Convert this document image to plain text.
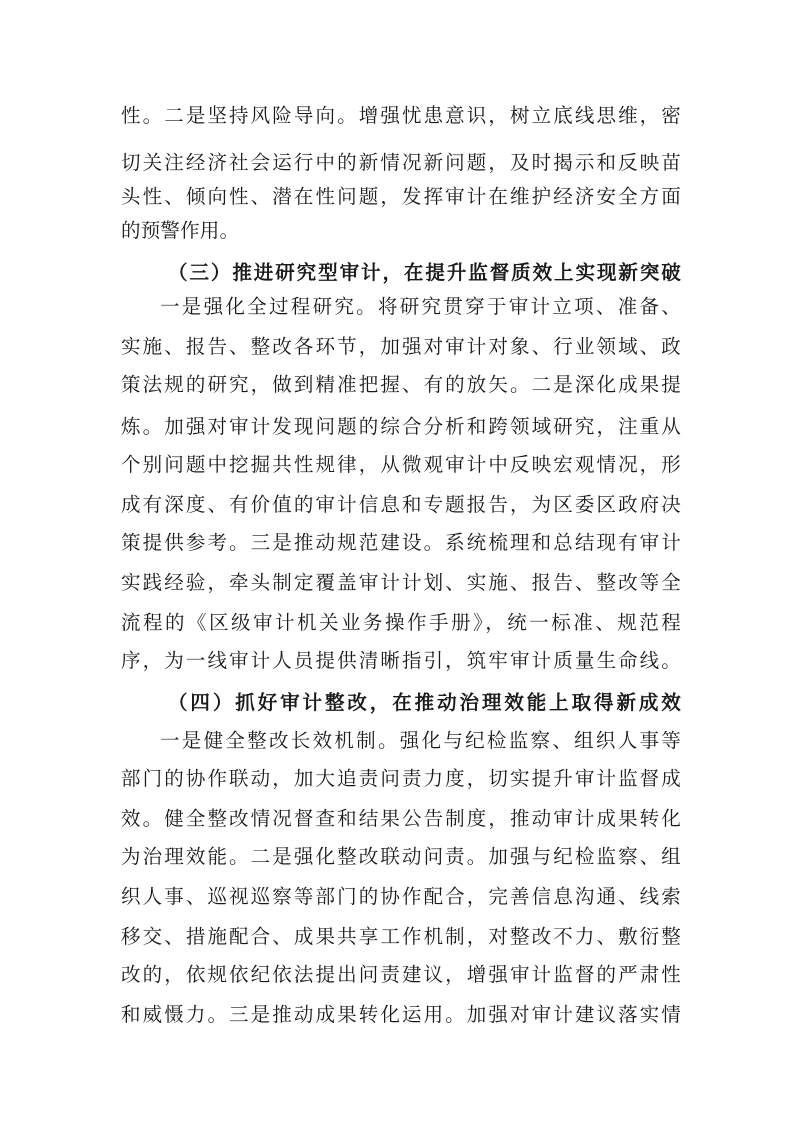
性。二是坚持风险导向。增强忧患意识，树立底线思维，密
切关注经济社会运行中的新情况新问题，及时揭示和反映苗
头性、倾向性、潜在性问题，发挥审计在维护经济安全方面
的预警作用。
（三）推进研究型审计，在提升监督质效上实现新突破
一是强化全过程研究。将研究贯穿于审计立项、准备、
实施、报告、整改各环节，加强对审计对象、行业领域、政
策法规的研究，做到精准把握、有的放矢。二是深化成果提
炼。加强对审计发现问题的综合分析和跨领域研究，注重从
个别问题中挖掘共性规律，从微观审计中反映宏观情况，形
成有深度、有价值的审计信息和专题报告，为区委区政府决
策提供参考。三是推动规范建设。系统梳理和总结现有审计
实践经验，牵头制定覆盖审计计划、实施、报告、整改等全
流程的《区级审计机关业务操作手册》，统一标准、规范程
序，为一线审计人员提供清晰指引，筑牢审计质量生命线。
（四）抓好审计整改，在推动治理效能上取得新成效
一是健全整改长效机制。强化与纪检监察、组织人事等
部门的协作联动，加大追责问责力度，切实提升审计监督成
效。健全整改情况督查和结果公告制度，推动审计成果转化
为治理效能。二是强化整改联动问责。加强与纪检监察、组
织人事、巡视巡察等部门的协作配合，完善信息沟通、线索
移交、措施配合、成果共享工作机制，对整改不力、敷衍整
改的，依规依纪依法提出问责建议，增强审计监督的严肃性
和威慑力。三是推动成果转化运用。加强对审计建议落实情
